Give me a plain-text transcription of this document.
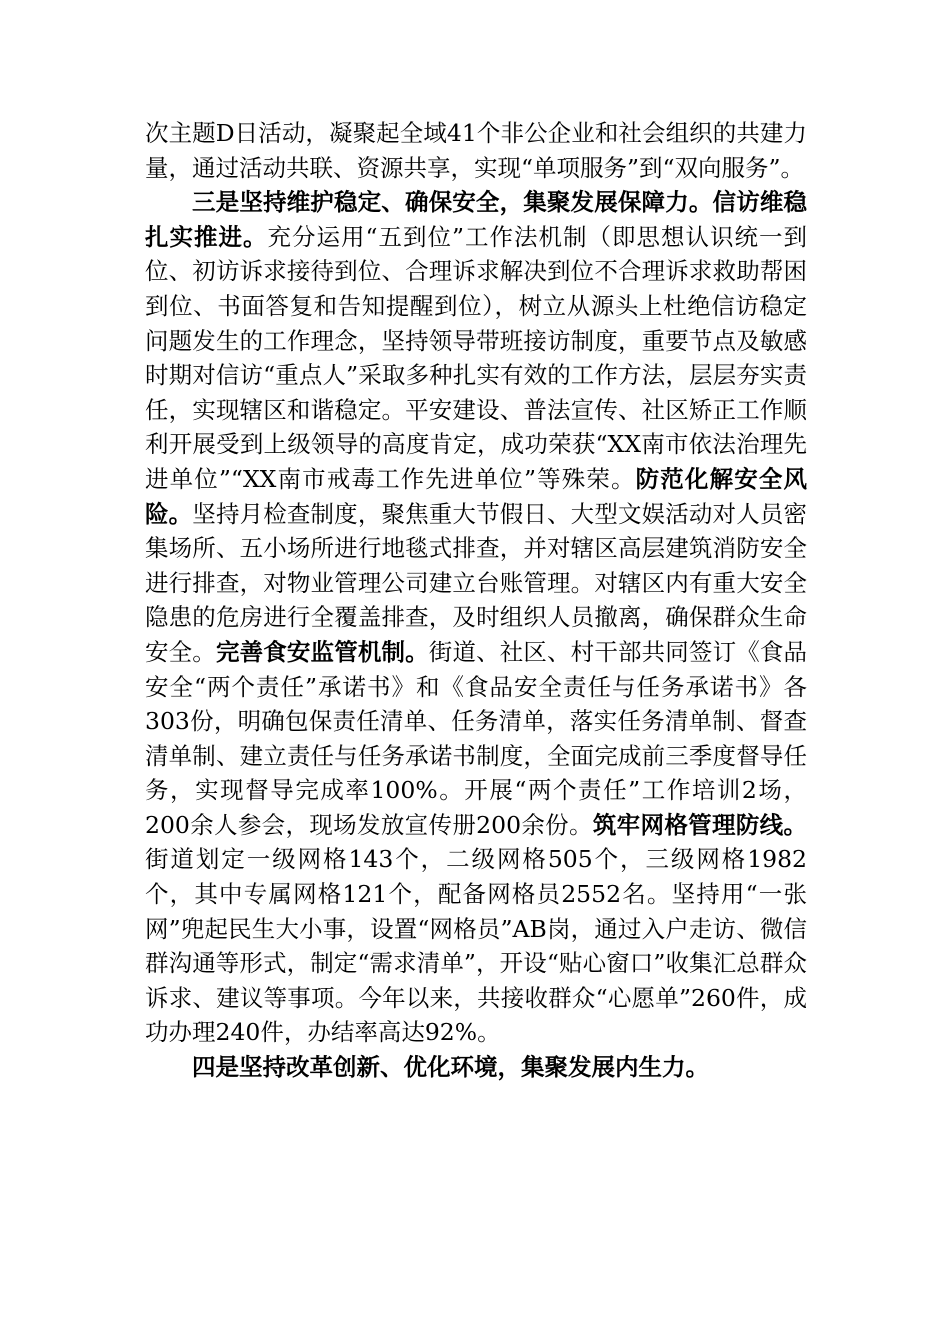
次主题D日活动，凝聚起全域41个非公企业和社会组织的共建力量，通过活动共联、资源共享，实现“单项服务”到“双向服务”。

三是坚持维护稳定、确保安全，集聚发展保障力。信访维稳扎实推进。充分运用“五到位”工作法机制（即思想认识统一到位、初访诉求接待到位、合理诉求解决到位不合理诉求救助帮困到位、书面答复和告知提醒到位），树立从源头上杜绝信访稳定问题发生的工作理念，坚持领导带班接访制度，重要节点及敏感时期对信访“重点人”采取多种扎实有效的工作方法，层层夯实责任，实现辖区和谐稳定。平安建设、普法宣传、社区矫正工作顺利开展受到上级领导的高度肯定，成功荣获“XX南市依法治理先进单位”“XX南市戒毒工作先进单位”等殊荣。防范化解安全风险。坚持月检查制度，聚焦重大节假日、大型文娱活动对人员密集场所、五小场所进行地毯式排查，并对辖区高层建筑消防安全进行排查，对物业管理公司建立台账管理。对辖区内有重大安全隐患的危房进行全覆盖排查，及时组织人员撤离，确保群众生命安全。完善食安监管机制。街道、社区、村干部共同签订《食品安全“两个责任”承诺书》和《食品安全责任与任务承诺书》各303份，明确包保责任清单、任务清单，落实任务清单制、督查清单制、建立责任与任务承诺书制度，全面完成前三季度督导任务，实现督导完成率100%。开展“两个责任”工作培训2场，200余人参会，现场发放宣传册200余份。筑牢网格管理防线。街道划定一级网格143个，二级网格505个，三级网格1982个，其中专属网格121个，配备网格员2552名。坚持用“一张网”兜起民生大小事，设置“网格员”AB岗，通过入户走访、微信群沟通等形式，制定“需求清单”，开设“贴心窗口”收集汇总群众诉求、建议等事项。今年以来，共接收群众“心愿单”260件，成功办理240件，办结率高达92%。

四是坚持改革创新、优化环境，集聚发展内生力。
